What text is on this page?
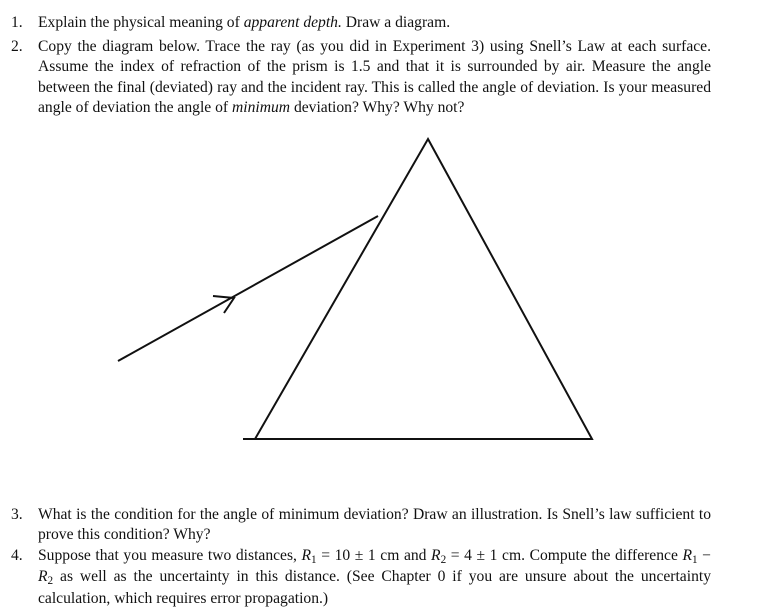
1. Explain the physical meaning of apparent depth. Draw a diagram.
2. Copy the diagram below. Trace the ray (as you did in Experiment 3) using Snell’s Law at each surface. Assume the index of refraction of the prism is 1.5 and that it is surrounded by air. Measure the angle between the final (deviated) ray and the incident ray. This is called the angle of deviation. Is your measured angle of deviation the angle of minimum deviation? Why? Why not?
3. What is the condition for the angle of minimum deviation? Draw an illustration. Is Snell’s law sufficient to prove this condition? Why?
4. Suppose that you measure two distances, $R_1 = 10 \pm 1$ cm and $R_2 = 4 \pm 1$ cm. Compute the difference $R_1 - R_2$ as well as the uncertainty in this distance. (See Chapter 0 if you are unsure about the uncertainty calculation, which requires error propagation.)
